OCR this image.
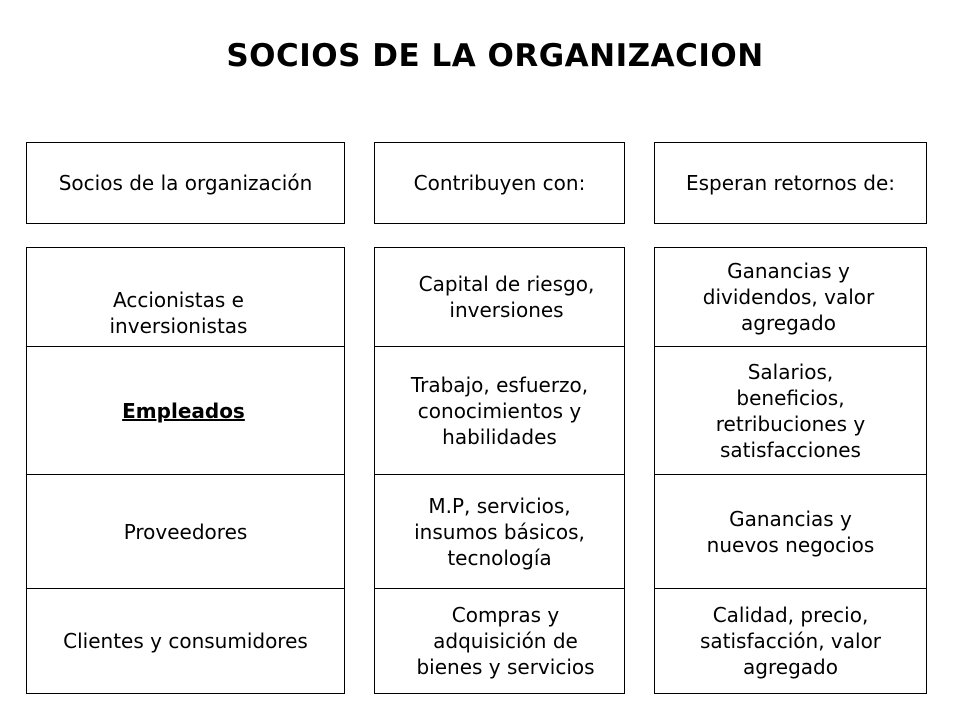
SOCIOS DE LA ORGANIZACION
Socios de la organización	Contribuyen con:	Esperan retornos de:
Accionistas e inversionistas
Empleados
Proveedores
Clientes y consumidores
Capital de riesgo, inversiones
Trabajo, esfuerzo, conocimientos y habilidades
M.P, servicios, insumos básicos, tecnología
Compras y adquisición de bienes y servicios
Ganancias y dividendos, valor agregado
Salarios, beneficios, retribuciones y satisfacciones
Ganancias y nuevos negocios
Calidad, precio, satisfacción, valor agregado
